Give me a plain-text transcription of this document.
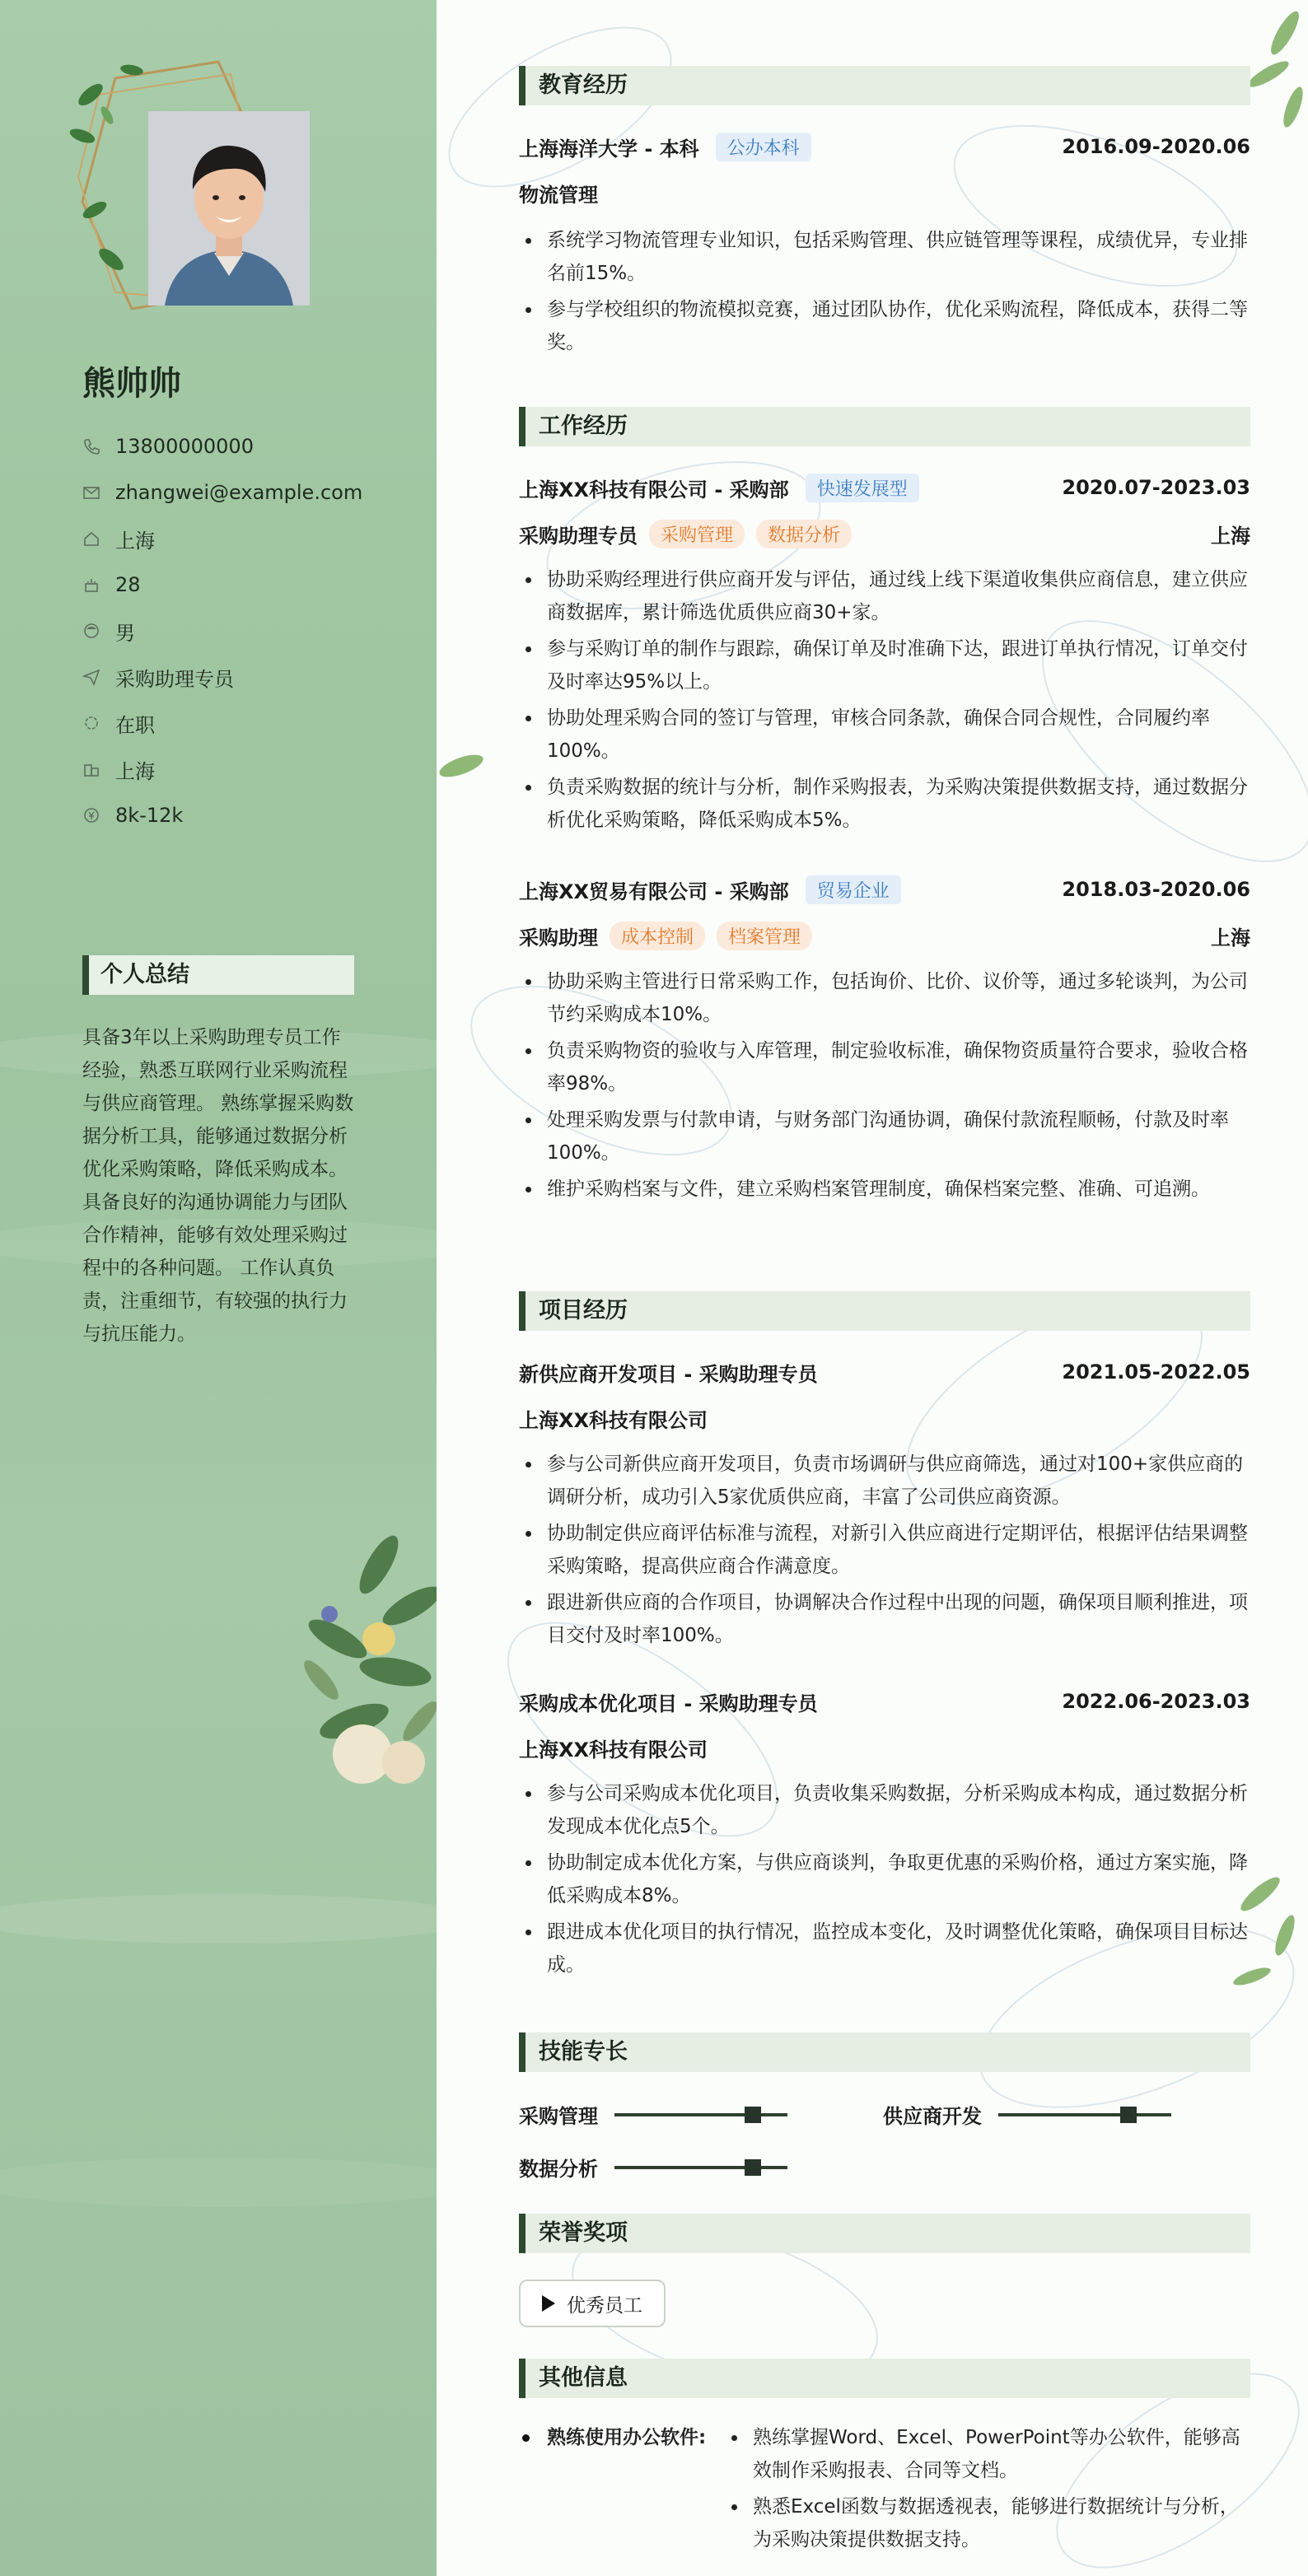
熊帅帅
13800000000
zhangwei@example.com
上海
28
男
采购助理专员
在职
上海
8k-12k
个人总结
具备3年以上采购助理专员工作经验，熟悉互联网行业采购流程与供应商管理。 熟练掌握采购数据分析工具，能够通过数据分析优化采购策略，降低采购成本。 具备良好的沟通协调能力与团队合作精神，能够有效处理采购过程中的各种问题。 工作认真负责，注重细节，有较强的执行力与抗压能力。
教育经历
上海海洋大学 - 本科	公办本科	2016.09-2020.06
物流管理
系统学习物流管理专业知识，包括采购管理、供应链管理等课程，成绩优异，专业排名前15%。
参与学校组织的物流模拟竞赛，通过团队协作，优化采购流程，降低成本，获得二等奖。
工作经历
上海XX科技有限公司 - 采购部	快速发展型	2020.07-2023.03
采购助理专员	采购管理	数据分析	上海
协助采购经理进行供应商开发与评估，通过线上线下渠道收集供应商信息，建立供应商数据库，累计筛选优质供应商30+家。
参与采购订单的制作与跟踪，确保订单及时准确下达，跟进订单执行情况，订单交付及时率达95%以上。
协助处理采购合同的签订与管理，审核合同条款，确保合同合规性，合同履约率100%。
负责采购数据的统计与分析，制作采购报表，为采购决策提供数据支持，通过数据分析优化采购策略，降低采购成本5%。
上海XX贸易有限公司 - 采购部	贸易企业	2018.03-2020.06
采购助理	成本控制	档案管理	上海
协助采购主管进行日常采购工作，包括询价、比价、议价等，通过多轮谈判，为公司节约采购成本10%。
负责采购物资的验收与入库管理，制定验收标准，确保物资质量符合要求，验收合格率98%。
处理采购发票与付款申请，与财务部门沟通协调，确保付款流程顺畅，付款及时率100%。
维护采购档案与文件，建立采购档案管理制度，确保档案完整、准确、可追溯。
项目经历
新供应商开发项目 - 采购助理专员	2021.05-2022.05
上海XX科技有限公司
参与公司新供应商开发项目，负责市场调研与供应商筛选，通过对100+家供应商的调研分析，成功引入5家优质供应商，丰富了公司供应商资源。
协助制定供应商评估标准与流程，对新引入供应商进行定期评估，根据评估结果调整采购策略，提高供应商合作满意度。
跟进新供应商的合作项目，协调解决合作过程中出现的问题，确保项目顺利推进，项目交付及时率100%。
采购成本优化项目 - 采购助理专员	2022.06-2023.03
上海XX科技有限公司
参与公司采购成本优化项目，负责收集采购数据，分析采购成本构成，通过数据分析发现成本优化点5个。
协助制定成本优化方案，与供应商谈判，争取更优惠的采购价格，通过方案实施，降低采购成本8%。
跟进成本优化项目的执行情况，监控成本变化，及时调整优化策略，确保项目目标达成。
技能专长
采购管理	供应商开发
数据分析
荣誉奖项
优秀员工
其他信息
熟练使用办公软件:	熟练掌握Word、Excel、PowerPoint等办公软件，能够高效制作采购报表、合同等文档。
熟悉Excel函数与数据透视表，能够进行数据统计与分析，为采购决策提供数据支持。
